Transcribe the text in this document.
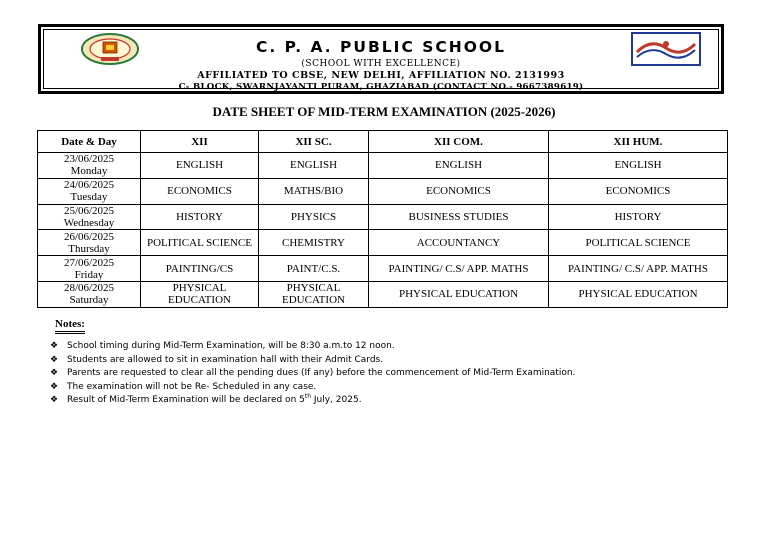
C. P. A. PUBLIC SCHOOL
(SCHOOL WITH EXCELLENCE)
AFFILIATED TO CBSE, NEW DELHI, AFFILIATION NO. 2131993
C- BLOCK, SWARNJAYANTI PURAM, GHAZIABAD (CONTACT NO.- 9667389619)
DATE SHEET OF MID-TERM EXAMINATION (2025-2026)
Date & Day	XII	XII SC.	XII COM.	XII HUM.

23/06/2025
Monday	ENGLISH	ENGLISH	ENGLISH	ENGLISH

24/06/2025
Tuesday	ECONOMICS	MATHS/BIO	ECONOMICS	ECONOMICS

25/06/2025
Wednesday	HISTORY	PHYSICS	BUSINESS STUDIES	HISTORY

26/06/2025
Thursday	POLITICAL SCIENCE	CHEMISTRY	ACCOUNTANCY	POLITICAL SCIENCE

27/06/2025
Friday	PAINTING/CS	PAINT/C.S.	PAINTING/ C.S/ APP. MATHS	PAINTING/ C.S/ APP. MATHS

28/06/2025
Saturday	PHYSICAL EDUCATION	PHYSICAL EDUCATION	PHYSICAL EDUCATION	PHYSICAL EDUCATION
Notes:
❖ School timing during Mid-Term Examination, will be 8:30 a.m.to 12 noon.
❖ Students are allowed to sit in examination hall with their Admit Cards.
❖ Parents are requested to clear all the pending dues (If any) before the commencement of Mid-Term Examination.
❖ The examination will not be Re- Scheduled in any case.
❖ Result of Mid-Term Examination will be declared on 5th July, 2025.
